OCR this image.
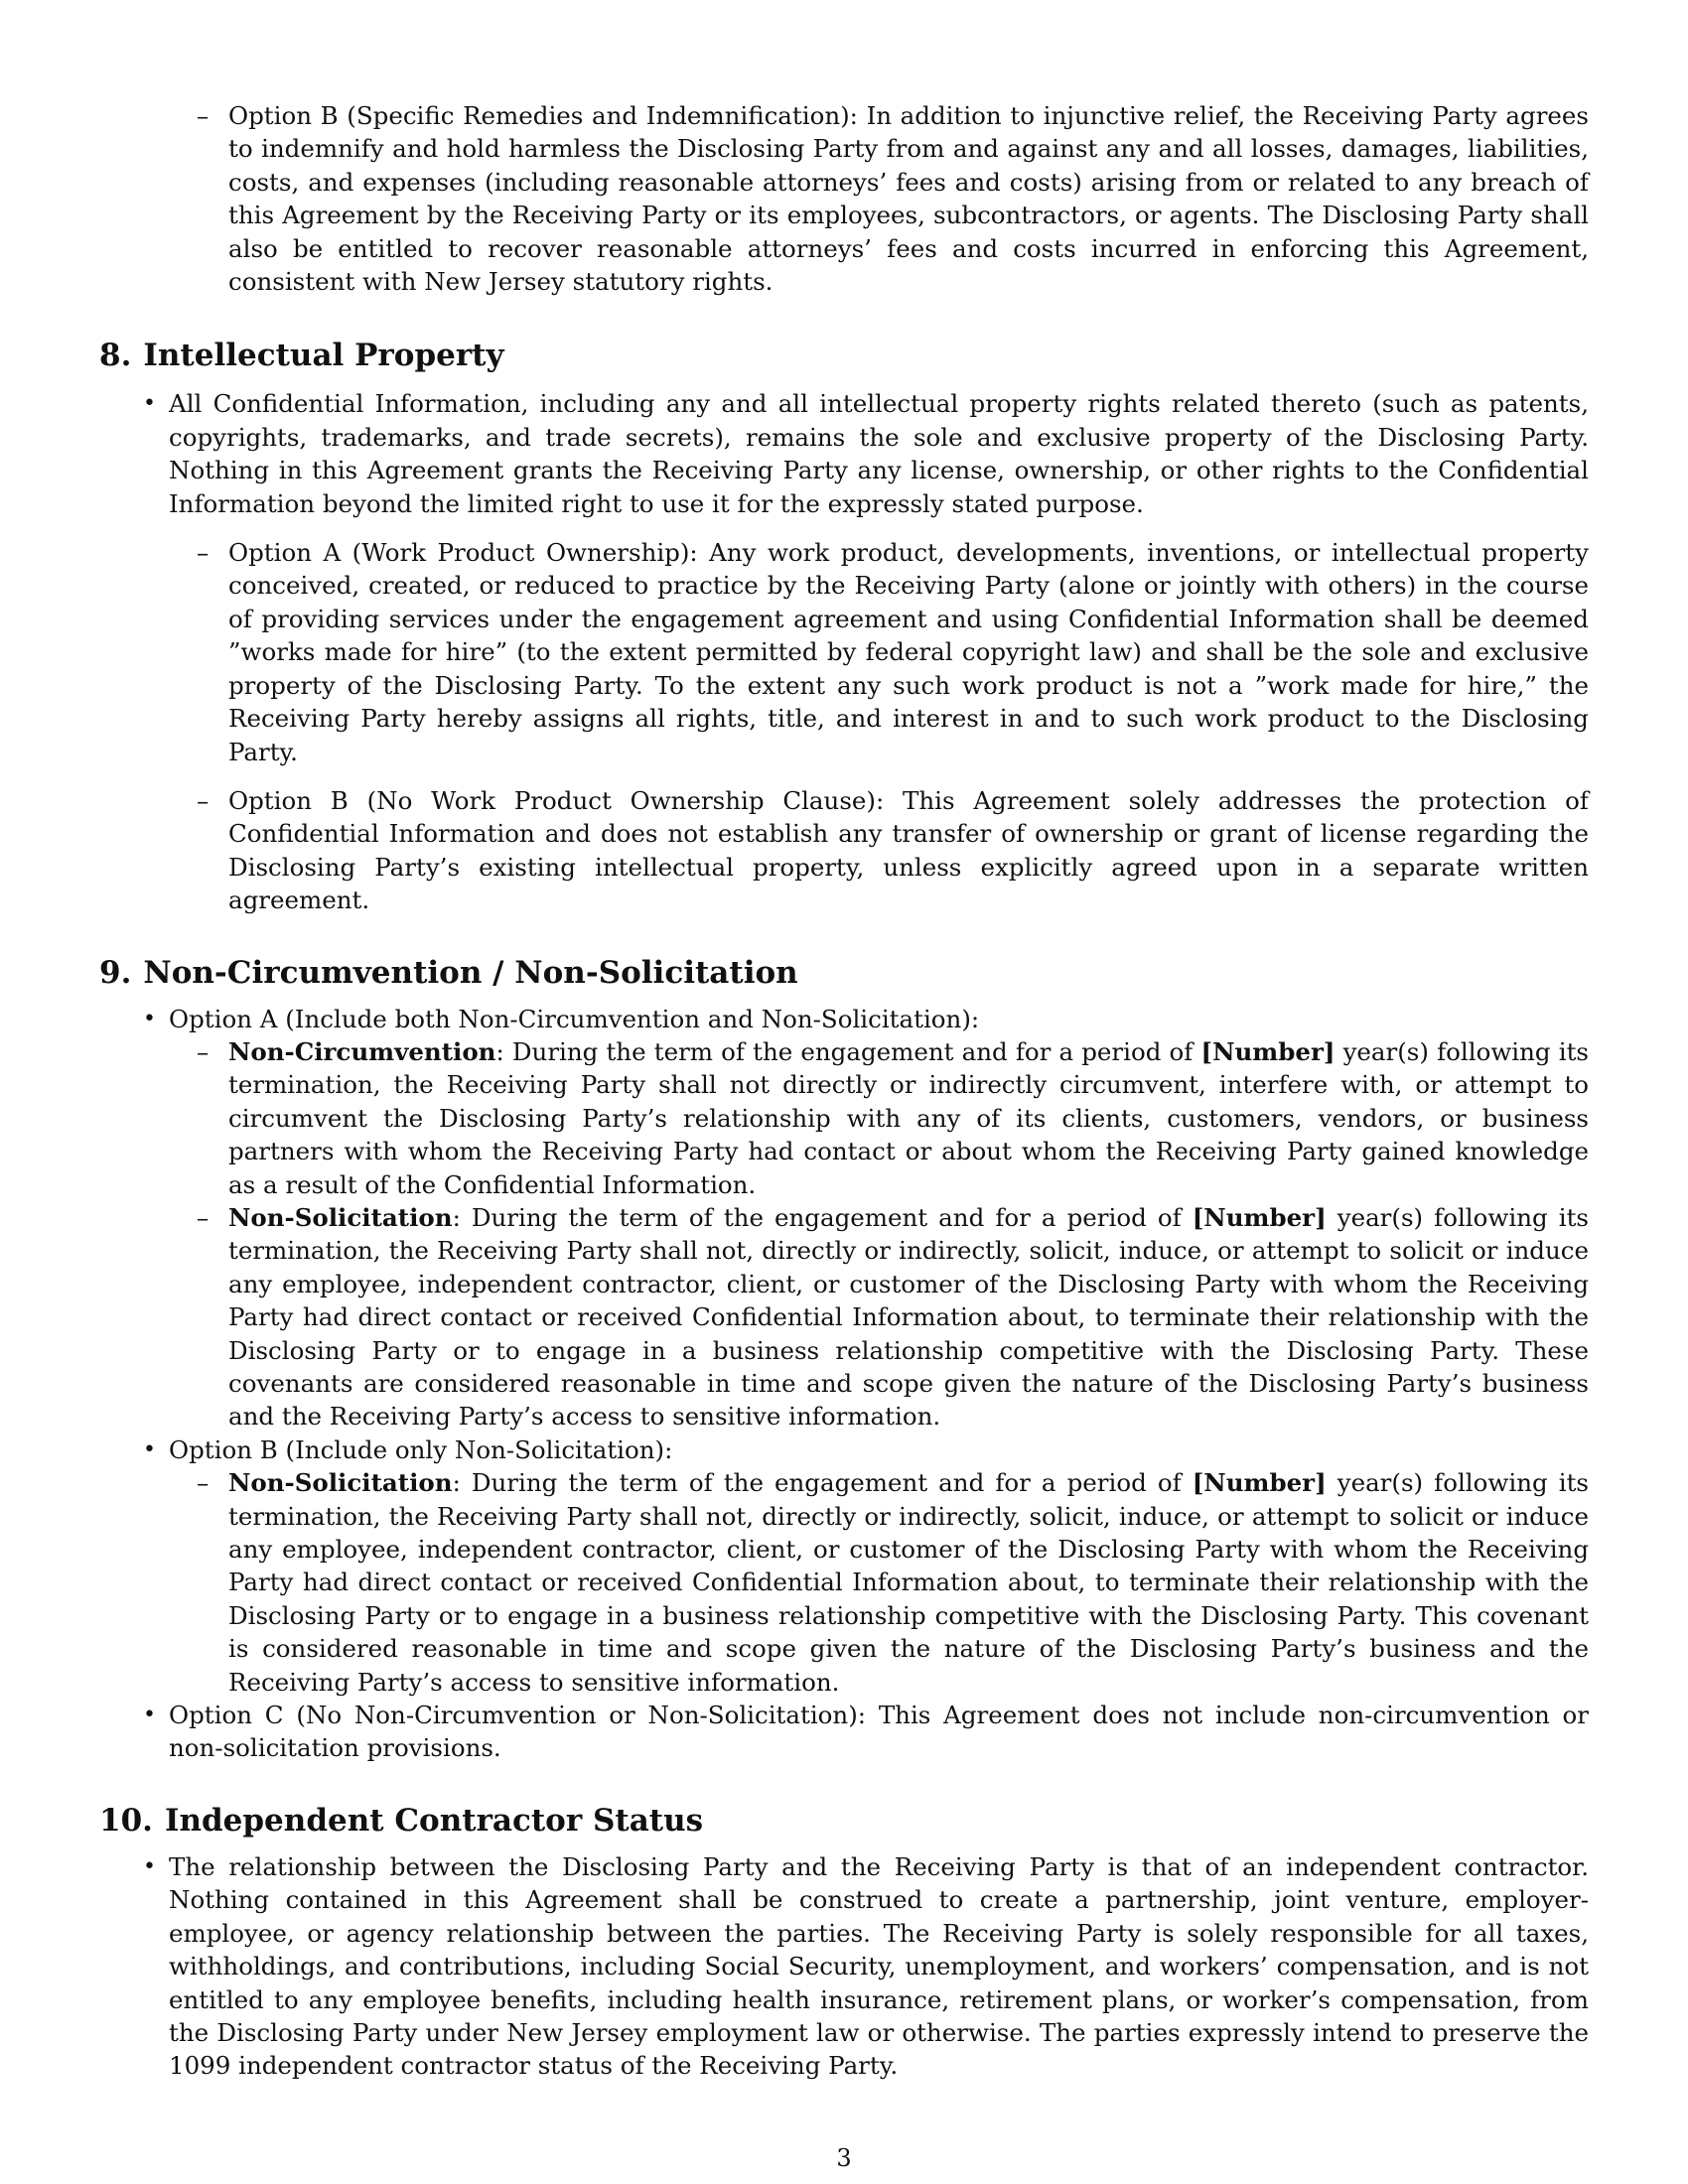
– Option B (Specific Remedies and Indemnification): In addition to injunctive relief, the Receiving Party agrees to indemnify and hold harmless the Disclosing Party from and against any and all losses, damages, liabilities, costs, and expenses (including reasonable attorneys’ fees and costs) arising from or related to any breach of this Agreement by the Receiving Party or its employees, subcontractors, or agents. The Disclosing Party shall also be entitled to recover reasonable attorneys’ fees and costs incurred in enforcing this Agreement, consistent with New Jersey statutory rights.
8. Intellectual Property
• All Confidential Information, including any and all intellectual property rights related thereto (such as patents, copyrights, trademarks, and trade secrets), remains the sole and exclusive property of the Disclosing Party. Nothing in this Agreement grants the Receiving Party any license, ownership, or other rights to the Confidential Information beyond the limited right to use it for the expressly stated purpose.
– Option A (Work Product Ownership): Any work product, developments, inventions, or intellectual property conceived, created, or reduced to practice by the Receiving Party (alone or jointly with others) in the course of providing services under the engagement agreement and using Confidential Information shall be deemed ”works made for hire” (to the extent permitted by federal copyright law) and shall be the sole and exclusive property of the Disclosing Party. To the extent any such work product is not a ”work made for hire,” the Receiving Party hereby assigns all rights, title, and interest in and to such work product to the Disclosing Party.
– Option B (No Work Product Ownership Clause): This Agreement solely addresses the protection of Confidential Information and does not establish any transfer of ownership or grant of license regarding the Disclosing Party’s existing intellectual property, unless explicitly agreed upon in a separate written agreement.
9. Non-Circumvention / Non-Solicitation
• Option A (Include both Non-Circumvention and Non-Solicitation):
– Non-Circumvention: During the term of the engagement and for a period of [Number] year(s) following its termination, the Receiving Party shall not directly or indirectly circumvent, interfere with, or attempt to circumvent the Disclosing Party’s relationship with any of its clients, customers, vendors, or business partners with whom the Receiving Party had contact or about whom the Receiving Party gained knowledge as a result of the Confidential Information.
– Non-Solicitation: During the term of the engagement and for a period of [Number] year(s) following its termination, the Receiving Party shall not, directly or indirectly, solicit, induce, or attempt to solicit or induce any employee, independent contractor, client, or customer of the Disclosing Party with whom the Receiving Party had direct contact or received Confidential Information about, to terminate their relationship with the Disclosing Party or to engage in a business relationship competitive with the Disclosing Party. These covenants are considered reasonable in time and scope given the nature of the Disclosing Party’s business and the Receiving Party’s access to sensitive information.
• Option B (Include only Non-Solicitation):
– Non-Solicitation: During the term of the engagement and for a period of [Number] year(s) following its termination, the Receiving Party shall not, directly or indirectly, solicit, induce, or attempt to solicit or induce any employee, independent contractor, client, or customer of the Disclosing Party with whom the Receiving Party had direct contact or received Confidential Information about, to terminate their relationship with the Disclosing Party or to engage in a business relationship competitive with the Disclosing Party. This covenant is considered reasonable in time and scope given the nature of the Disclosing Party’s business and the Receiving Party’s access to sensitive information.
• Option C (No Non-Circumvention or Non-Solicitation): This Agreement does not include non-circumvention or non-solicitation provisions.
10. Independent Contractor Status
• The relationship between the Disclosing Party and the Receiving Party is that of an independent contractor. Nothing contained in this Agreement shall be construed to create a partnership, joint venture, employer-employee, or agency relationship between the parties. The Receiving Party is solely responsible for all taxes, withholdings, and contributions, including Social Security, unemployment, and workers’ compensation, and is not entitled to any employee benefits, including health insurance, retirement plans, or worker’s compensation, from the Disclosing Party under New Jersey employment law or otherwise. The parties expressly intend to preserve the 1099 independent contractor status of the Receiving Party.
3
